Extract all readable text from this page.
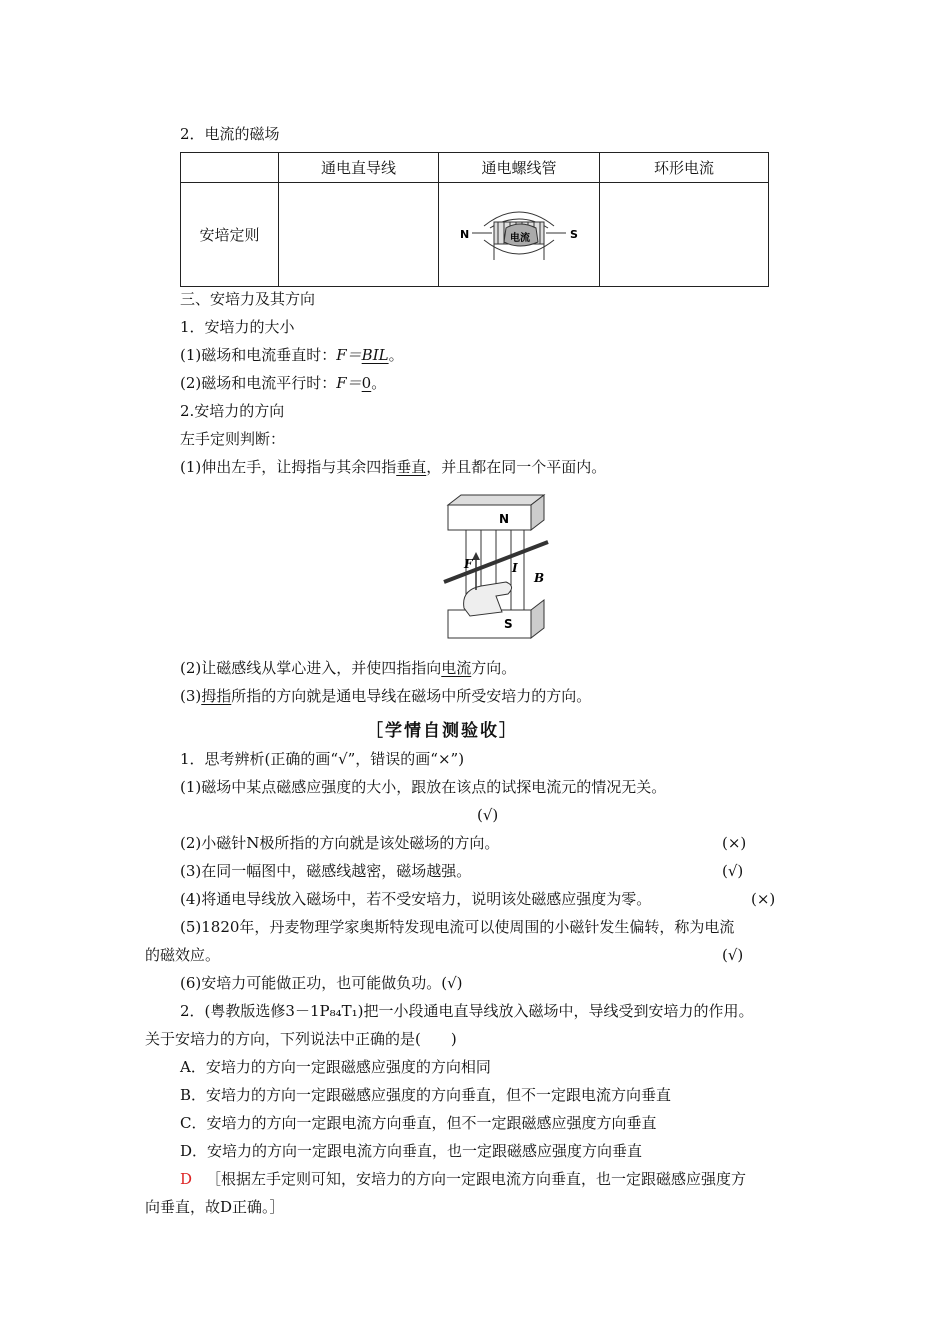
2．电流的磁场
	通电直导线	通电螺线管	环形电流
安培定则		N S
电流	

三、安培力及其方向
1．安培力的大小
(1)磁场和电流垂直时：F＝BIL。
(2)磁场和电流平行时：F＝0。
2.安培力的方向
左手定则判断：
(1)伸出左手，让拇指与其余四指垂直，并且都在同一个平面内。
N
S
F	I
B
(2)让磁感线从掌心进入，并使四指指向电流方向。
(3)拇指所指的方向就是通电导线在磁场中所受安培力的方向。
［学情自测验收］
1．思考辨析(正确的画“√”，错误的画“×”)
(1)磁场中某点磁感应强度的大小，跟放在该点的试探电流元的情况无关。
(√)
(2)小磁针N极所指的方向就是该处磁场的方向。	(×)
(3)在同一幅图中，磁感线越密，磁场越强。	(√)
(4)将通电导线放入磁场中，若不受安培力，说明该处磁感应强度为零。	(×)
(5)1820年，丹麦物理学家奥斯特发现电流可以使周围的小磁针发生偏转，称为电流
的磁效应。	(√)
(6)安培力可能做正功，也可能做负功。(√)
2．(粤教版选修3－1P₈₄T₁)把一小段通电直导线放入磁场中，导线受到安培力的作用。
关于安培力的方向，下列说法中正确的是(　　)
A．安培力的方向一定跟磁感应强度的方向相同
B．安培力的方向一定跟磁感应强度的方向垂直，但不一定跟电流方向垂直
C．安培力的方向一定跟电流方向垂直，但不一定跟磁感应强度方向垂直
D．安培力的方向一定跟电流方向垂直，也一定跟磁感应强度方向垂直
D ［根据左手定则可知，安培力的方向一定跟电流方向垂直，也一定跟磁感应强度方
向垂直，故D正确。］
